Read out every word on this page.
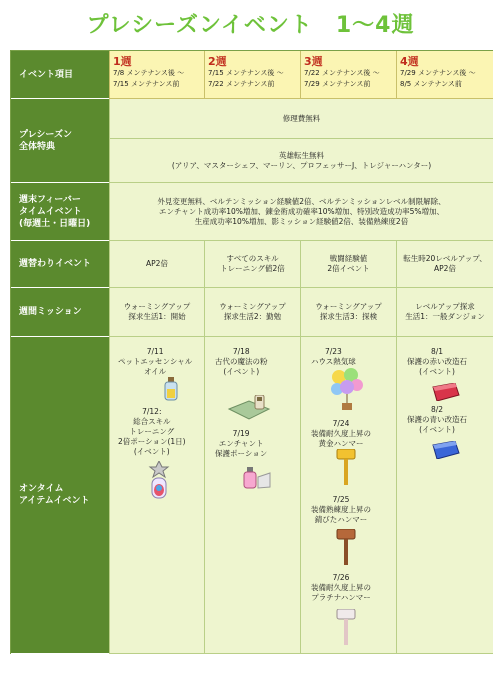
プレシーズンイベント　1〜4週
イベント項目
1週
7/8 メンテナンス後 〜
7/15 メンテナンス前
2週
7/15 メンテナンス後 〜
7/22 メンテナンス前
3週
7/22 メンテナンス後 〜
7/29 メンテナンス前
4週
7/29 メンテナンス後 〜
8/5 メンテナンス前
プレシーズン
全体特典
修理費無料
英雄転生無料
(アリア、マスターシェフ、マーリン、プロフェッサーJ、トレジャーハンター)
週末フィーバー
タイムイベント
(毎週土・日曜日)
外見変更無料、ベルテンミッション経験値2倍、ベルテンミッションレベル制限解除、
エンチャント成功率10%増加、錬金術成功確率10%増加、特別改造成功率5%増加、
生産成功率10%増加、影ミッション経験値2倍、装備熟練度2倍
週替わりイベント	AP2倍
すべてのスキル
トレーニング値2倍
戦闘経験値
2倍イベント
転生時20レベルアップ、
AP2倍
週間ミッション
ウォーミングアップ
探求生活1：開始
ウォーミングアップ
探求生活2：勤勉
ウォーミングアップ
探求生活3：探検
レベルアップ探求
生活1：一般ダンジョン
オンタイム
アイテムイベント
7/11
ペットエッセンシャル
オイル
7/12:
総合スキル
トレーニング
2倍ポーション(1日)
(イベント)
7/18
古代の魔法の粉
(イベント)
7/19
エンチャント
保護ポーション
7/23
ハウス熱気球
7/24
装備耐久度上昇の
黄金ハンマー
7/25
装備熟練度上昇の
錆びたハンマー
7/26
装備耐久度上昇の
プラチナハンマー
8/1
保護の赤い改造石
(イベント)
8/2
保護の青い改造石
(イベント)
